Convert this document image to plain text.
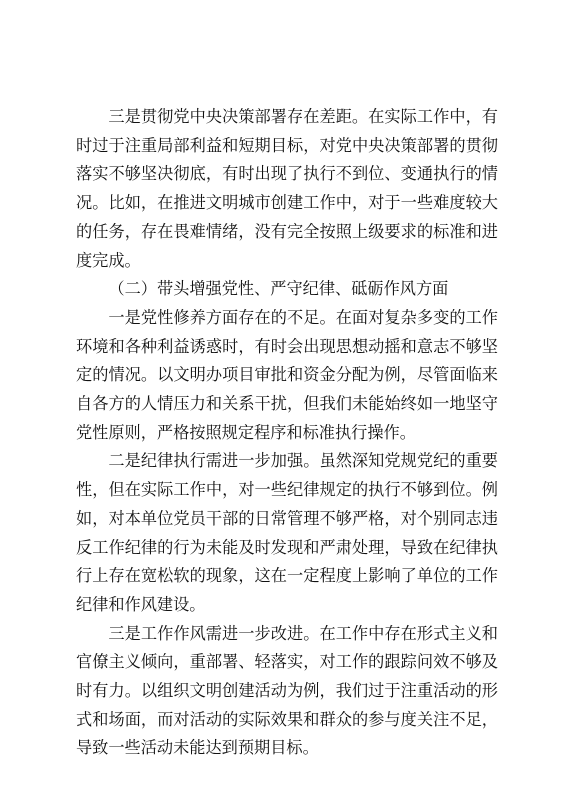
三是贯彻党中央决策部署存在差距。在实际工作中，有时过于注重局部利益和短期目标，对党中央决策部署的贯彻落实不够坚决彻底，有时出现了执行不到位、变通执行的情况。比如，在推进文明城市创建工作中，对于一些难度较大的任务，存在畏难情绪，没有完全按照上级要求的标准和进度完成。

（二）带头增强党性、严守纪律、砥砺作风方面

一是党性修养方面存在的不足。在面对复杂多变的工作环境和各种利益诱惑时，有时会出现思想动摇和意志不够坚定的情况。以文明办项目审批和资金分配为例，尽管面临来自各方的人情压力和关系干扰，但我们未能始终如一地坚守党性原则，严格按照规定程序和标准执行操作。

二是纪律执行需进一步加强。虽然深知党规党纪的重要性，但在实际工作中，对一些纪律规定的执行不够到位。例如，对本单位党员干部的日常管理不够严格，对个别同志违反工作纪律的行为未能及时发现和严肃处理，导致在纪律执行上存在宽松软的现象，这在一定程度上影响了单位的工作纪律和作风建设。

三是工作作风需进一步改进。在工作中存在形式主义和官僚主义倾向，重部署、轻落实，对工作的跟踪问效不够及时有力。以组织文明创建活动为例，我们过于注重活动的形式和场面，而对活动的实际效果和群众的参与度关注不足，导致一些活动未能达到预期目标。
